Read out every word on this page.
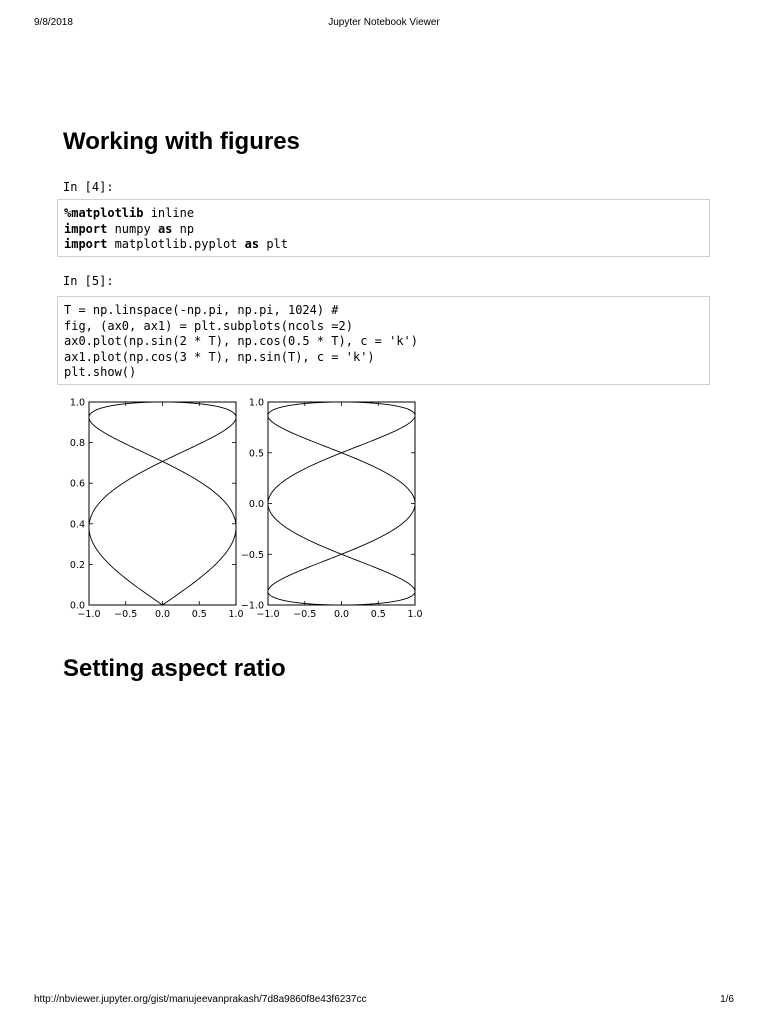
9/8/2018	Jupyter Notebook Viewer
Working with figures
In [4]:
%matplotlib inline
import numpy as np
import matplotlib.pyplot as plt
In [5]:
T = np.linspace(-np.pi, np.pi, 1024) #
fig, (ax0, ax1) = plt.subplots(ncols =2)
ax0.plot(np.sin(2 * T), np.cos(0.5 * T), c = 'k')
ax1.plot(np.cos(3 * T), np.sin(T), c = 'k')
plt.show()
−1.0 −0.5 0.0 0.5 1.0
0.0
0.2
0.4
0.6
0.8
1.0
−1.0 −0.5 0.0 0.5 1.0
−1.0
−0.5
0.0
0.5
1.0
Setting aspect ratio
http://nbviewer.jupyter.org/gist/manujeevanprakash/7d8a9860f8e43f6237cc	1/6
